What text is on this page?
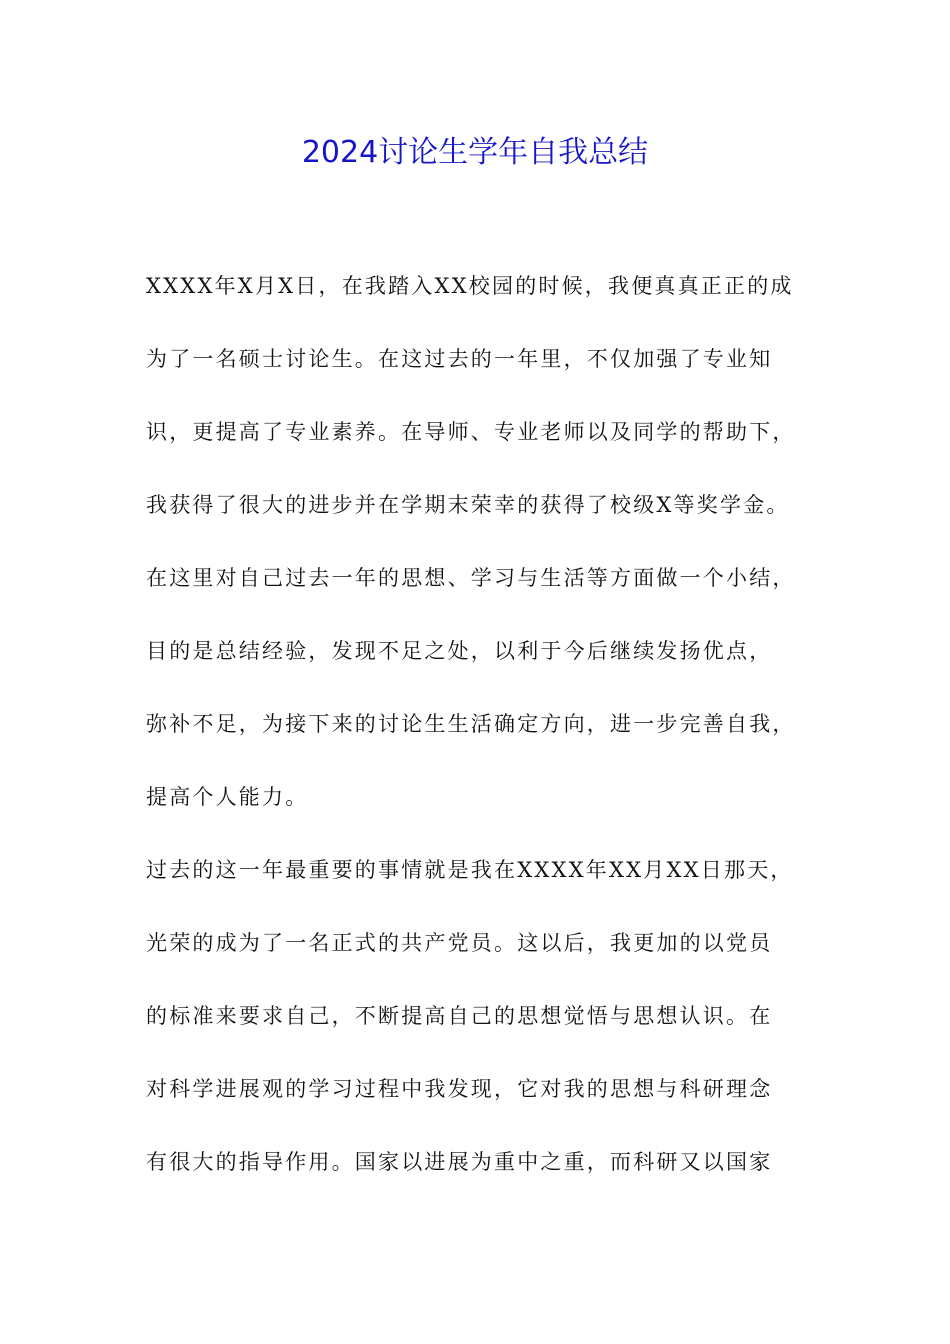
2024讨论生学年自我总结
XXXX年X月X日，在我踏入XX校园的时候，我便真真正正的成
为了一名硕士讨论生。在这过去的一年里，不仅加强了专业知
识，更提高了专业素养。在导师、专业老师以及同学的帮助下，
我获得了很大的进步并在学期末荣幸的获得了校级X等奖学金。
在这里对自己过去一年的思想、学习与生活等方面做一个小结，
目的是总结经验，发现不足之处，以利于今后继续发扬优点，
弥补不足，为接下来的讨论生生活确定方向，进一步完善自我，
提高个人能力。
过去的这一年最重要的事情就是我在XXXX年XX月XX日那天，
光荣的成为了一名正式的共产党员。这以后，我更加的以党员
的标准来要求自己，不断提高自己的思想觉悟与思想认识。在
对科学进展观的学习过程中我发现，它对我的思想与科研理念
有很大的指导作用。国家以进展为重中之重，而科研又以国家
